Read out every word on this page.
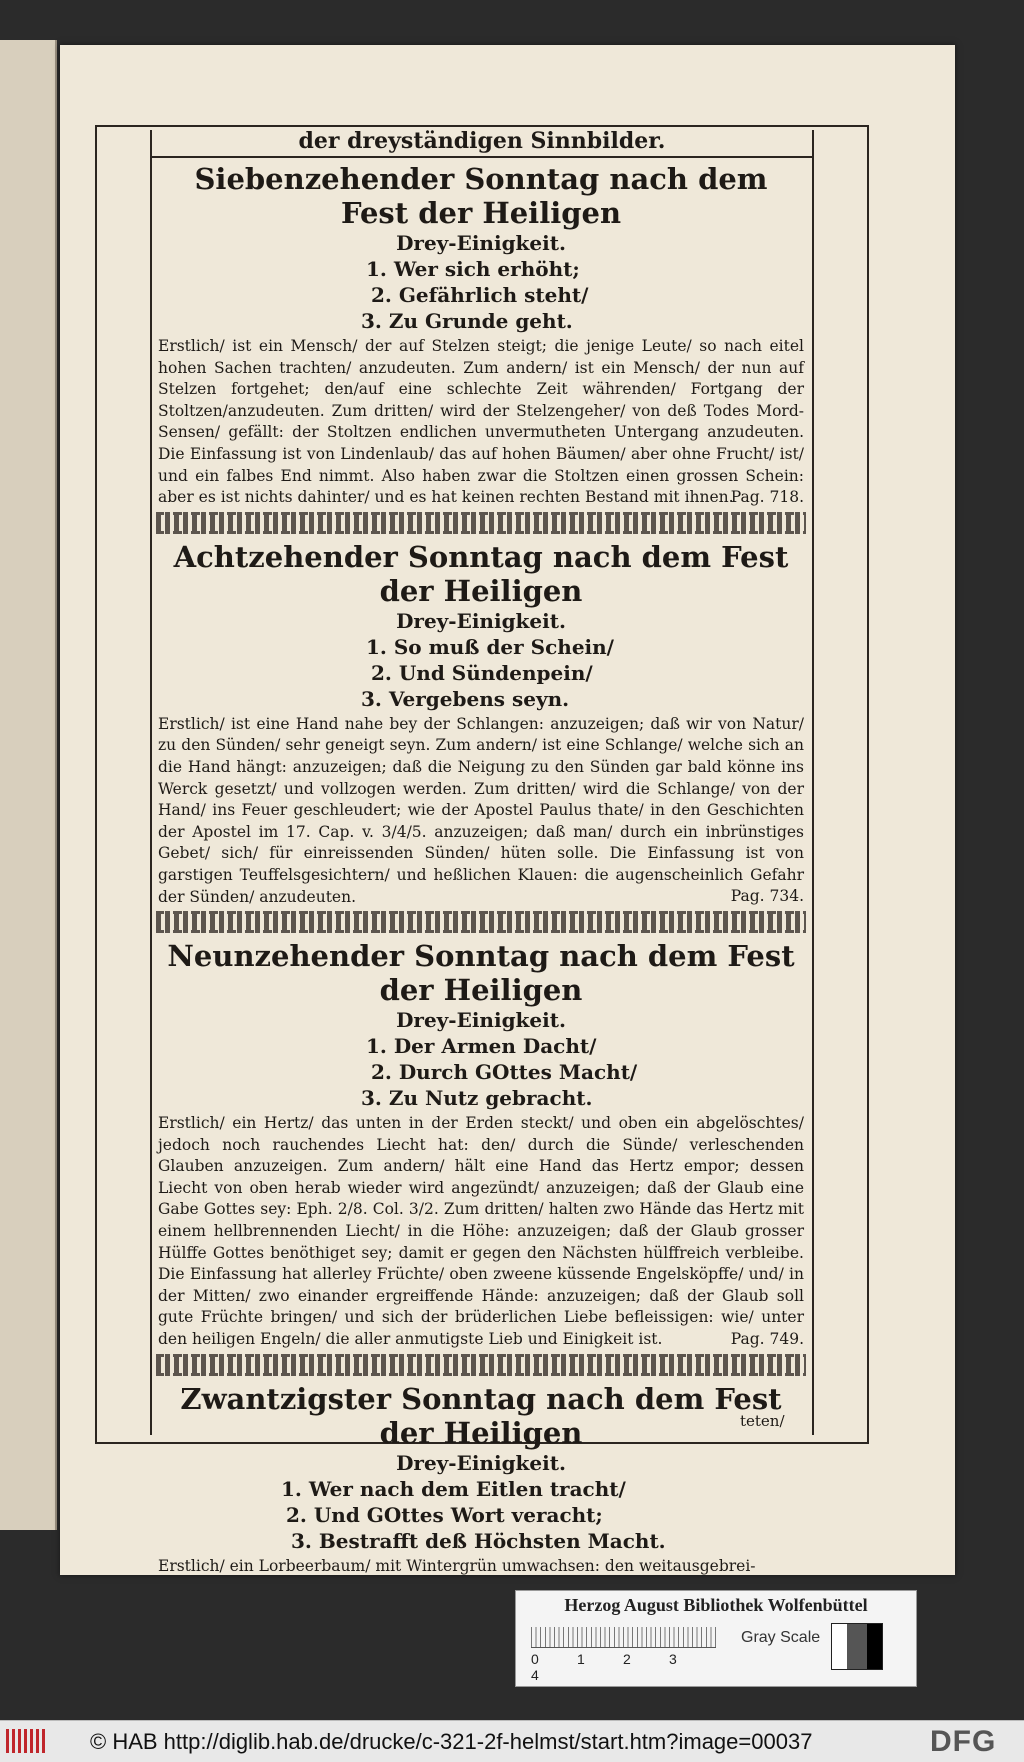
der dreyständigen Sinnbilder.
Siebenzehender Sonntag nach dem Fest der Heiligen
Drey-Einigkeit.
1. Wer sich erhöht;
2. Gefährlich steht/
3. Zu Grunde geht.
Erstlich/ ist ein Mensch/ der auf Stelzen steigt; die jenige Leute/ so nach eitel hohen Sachen trachten/ anzudeuten. Zum andern/ ist ein Mensch/ der nun auf Stelzen fortgehet; den/auf eine schlechte Zeit währenden/ Fortgang der Stoltzen/anzudeuten. Zum dritten/ wird der Stelzengeher/ von deß Todes Mord-Sensen/ gefällt: der Stoltzen endlichen unvermutheten Untergang anzudeuten. Die Einfassung ist von Lindenlaub/ das auf hohen Bäumen/ aber ohne Frucht/ ist/ und ein falbes End nimmt. Also haben zwar die Stoltzen einen grossen Schein: aber es ist nichts dahinter/ und es hat keinen rechten Bestand mit ihnen.
Pag. 718.
Achtzehender Sonntag nach dem Fest der Heiligen
Drey-Einigkeit.
1. So muß der Schein/
2. Und Sündenpein/
3. Vergebens seyn.
Erstlich/ ist eine Hand nahe bey der Schlangen: anzuzeigen; daß wir von Natur/ zu den Sünden/ sehr geneigt seyn. Zum andern/ ist eine Schlange/ welche sich an die Hand hängt: anzuzeigen; daß die Neigung zu den Sünden gar bald könne ins Werck gesetzt/ und vollzogen werden. Zum dritten/ wird die Schlange/ von der Hand/ ins Feuer geschleudert; wie der Apostel Paulus thate/ in den Geschichten der Apostel im 17. Cap. v. 3/4/5. anzuzeigen; daß man/ durch ein inbrünstiges Gebet/ sich/ für einreissenden Sünden/ hüten solle. Die Einfassung ist von garstigen Teuffelsgesichtern/ und heßlichen Klauen: die augenscheinlich Gefahr der Sünden/ anzudeuten.	Pag. 734.
Neunzehender Sonntag nach dem Fest der Heiligen
Drey-Einigkeit.
1. Der Armen Dacht/
2. Durch GOttes Macht/
3. Zu Nutz gebracht.
Erstlich/ ein Hertz/ das unten in der Erden steckt/ und oben ein abgelöschtes/ jedoch noch rauchendes Liecht hat: den/ durch die Sünde/ verleschenden Glauben anzuzeigen. Zum andern/ hält eine Hand das Hertz empor; dessen Liecht von oben herab wieder wird angezündt/ anzuzeigen; daß der Glaub eine Gabe Gottes sey: Eph. 2/8. Col. 3/2. Zum dritten/ halten zwo Hände das Hertz mit einem hellbrennenden Liecht/ in die Höhe: anzuzeigen; daß der Glaub grosser Hülffe Gottes benöthiget sey; damit er gegen den Nächsten hülffreich verbleibe. Die Einfassung hat allerley Früchte/ oben zweene küssende Engelsköpffe/ und/ in der Mitten/ zwo einander ergreiffende Hände: anzuzeigen; daß der Glaub soll gute Früchte bringen/ und sich der brüderlichen Liebe befleissigen: wie/ unter den heiligen Engeln/ die aller anmutigste Lieb und Einigkeit ist.	Pag. 749.
Zwantzigster Sonntag nach dem Fest der Heiligen
Drey-Einigkeit.
1. Wer nach dem Eitlen tracht/
2. Und GOttes Wort veracht;
3. Bestrafft deß Höchsten Macht.
Erstlich/ ein Lorbeerbaum/ mit Wintergrün umwachsen: den weitausgebrei-
teten/
Herzog August Bibliothek Wolfenbüttel
0	1	2	34
Gray Scale
© HAB http://diglib.hab.de/drucke/c-321-2f-helmst/start.htm?image=00037	DFG
